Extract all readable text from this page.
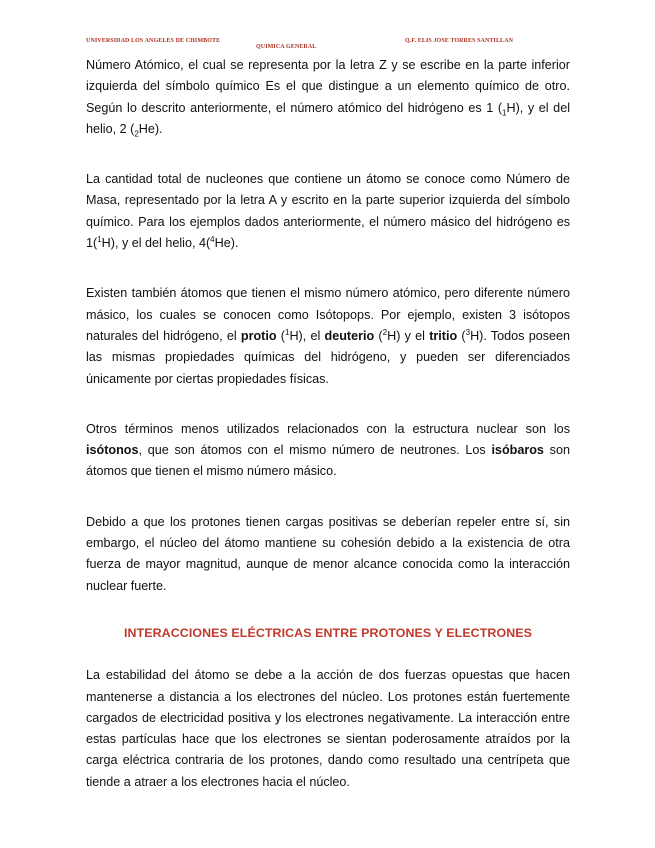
UNIVERSIDAD LOS ANGELES DE CHIMBOTE	Q.F. ELIS JOSE TORRES SANTILLAN
QUIMICA GENERAL

Número Atómico, el cual se representa por la letra Z y se escribe en la parte inferior izquierda del símbolo químico Es el que distingue a un elemento químico de otro. Según lo descrito anteriormente, el número atómico del hidrógeno es 1 $(_1H)$, y el del helio, 2 $(_2He)$.

La cantidad total de nucleones que contiene un átomo se conoce como Número de Masa, representado por la letra A y escrito en la parte superior izquierda del símbolo químico. Para los ejemplos dados anteriormente, el número másico del hidrógeno es 1($^1$H), y el del helio, 4($^4$He).

Existen también átomos que tienen el mismo número atómico, pero diferente número másico, los cuales se conocen como Isótopops. Por ejemplo, existen 3 isótopos naturales del hidrógeno, el protio ($^1$H), el deuterio ($^2$H) y el tritio ($^3$H). Todos poseen las mismas propiedades químicas del hidrógeno, y pueden ser diferenciados únicamente por ciertas propiedades físicas.

Otros términos menos utilizados relacionados con la estructura nuclear son los isótonos, que son átomos con el mismo número de neutrones. Los isóbaros son átomos que tienen el mismo número másico.

Debido a que los protones tienen cargas positivas se deberían repeler entre sí, sin embargo, el núcleo del átomo mantiene su cohesión debido a la existencia de otra fuerza de mayor magnitud, aunque de menor alcance conocida como la interacción nuclear fuerte.

INTERACCIONES ELÉCTRICAS ENTRE PROTONES Y ELECTRONES

La estabilidad del átomo se debe a la acción de dos fuerzas opuestas que hacen mantenerse a distancia a los electrones del núcleo. Los protones están fuertemente cargados de electricidad positiva y los electrones negativamente. La interacción entre estas partículas hace que los electrones se sientan poderosamente atraídos por la carga eléctrica contraria de los protones, dando como resultado una centrípeta que tiende a atraer a los electrones hacia el núcleo.
